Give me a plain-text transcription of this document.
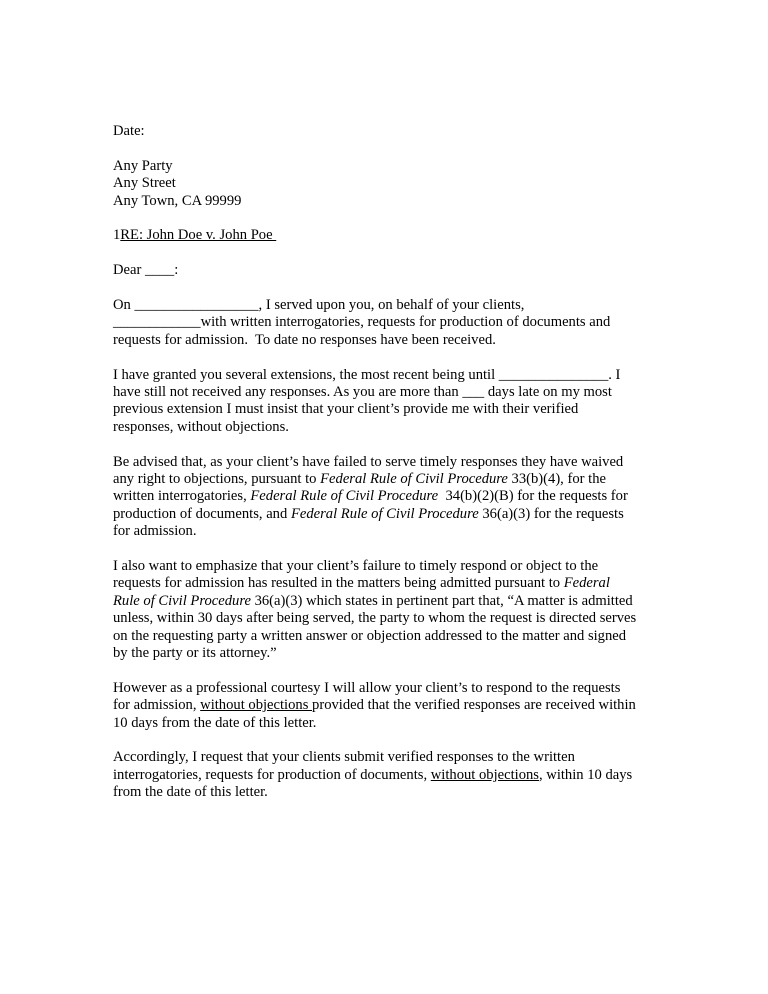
Date:
Any Party
Any Street
Any Town, CA 99999
1RE: John Doe v. John Poe
Dear ____:
On _________________, I served upon you, on behalf of your clients,
____________with written interrogatories, requests for production of documents and
requests for admission.  To date no responses have been received.
I have granted you several extensions, the most recent being until _______________. I
have still not received any responses. As you are more than ___ days late on my most
previous extension I must insist that your client’s provide me with their verified
responses, without objections.
Be advised that, as your client’s have failed to serve timely responses they have waived
any right to objections, pursuant to Federal Rule of Civil Procedure 33(b)(4), for the
written interrogatories, Federal Rule of Civil Procedure  34(b)(2)(B) for the requests for
production of documents, and Federal Rule of Civil Procedure 36(a)(3) for the requests
for admission.
I also want to emphasize that your client’s failure to timely respond or object to the
requests for admission has resulted in the matters being admitted pursuant to Federal
Rule of Civil Procedure 36(a)(3) which states in pertinent part that, “A matter is admitted
unless, within 30 days after being served, the party to whom the request is directed serves
on the requesting party a written answer or objection addressed to the matter and signed
by the party or its attorney.”
However as a professional courtesy I will allow your client’s to respond to the requests
for admission, without objections provided that the verified responses are received within
10 days from the date of this letter.
Accordingly, I request that your clients submit verified responses to the written
interrogatories, requests for production of documents, without objections, within 10 days
from the date of this letter.
